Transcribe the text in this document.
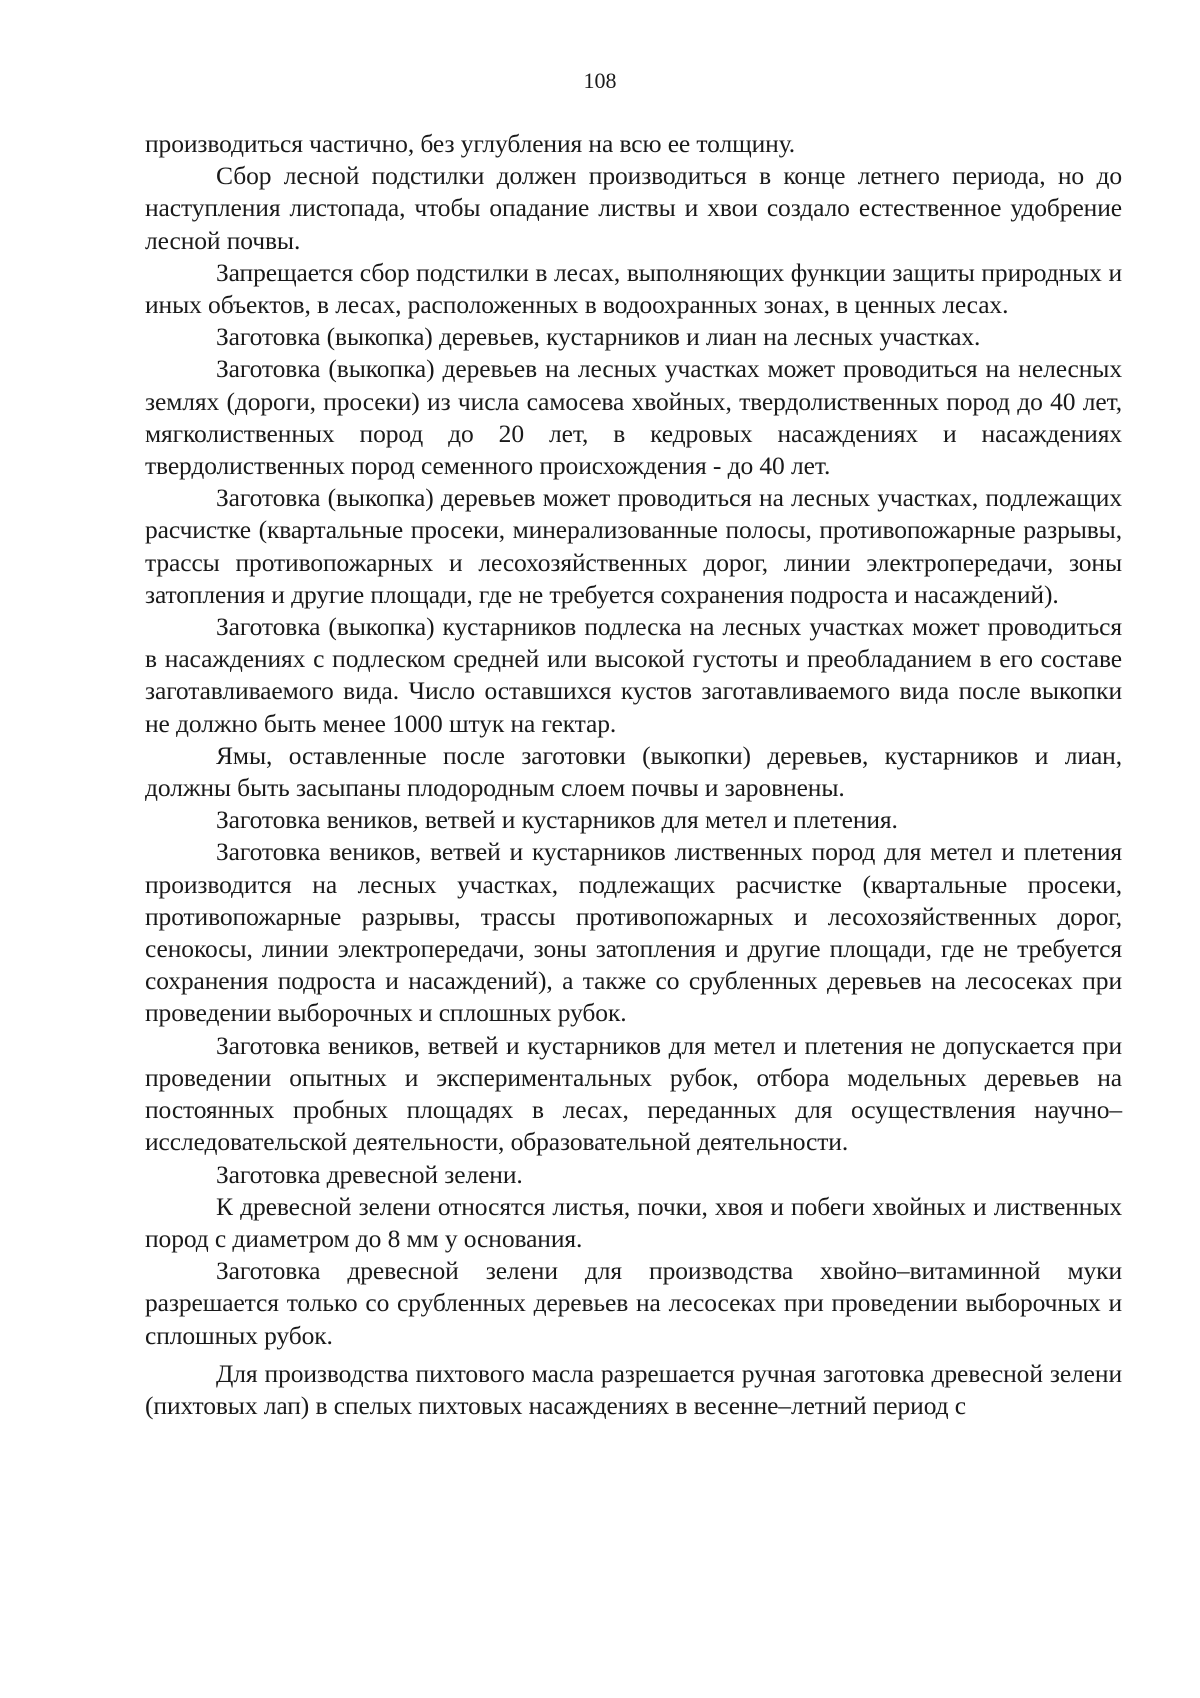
108

производиться частично, без углубления на всю ее толщину.

Сбор лесной подстилки должен производиться в конце летнего периода, но до наступления листопада, чтобы опадание листвы и хвои создало естественное удобрение лесной почвы.

Запрещается сбор подстилки в лесах, выполняющих функции защиты природных и иных объектов, в лесах, расположенных в водоохранных зонах, в ценных лесах.

Заготовка (выкопка) деревьев, кустарников и лиан на лесных участках.

Заготовка (выкопка) деревьев на лесных участках может проводиться на нелесных землях (дороги, просеки) из числа самосева хвойных, твердолиственных пород до 40 лет, мягколиственных пород до 20 лет, в кедровых насаждениях и насаждениях твердолиственных пород семенного происхождения - до 40 лет.

Заготовка (выкопка) деревьев может проводиться на лесных участках, подлежащих расчистке (квартальные просеки, минерализованные полосы, противопожарные разрывы, трассы противопожарных и лесохозяйственных дорог, линии электропередачи, зоны затопления и другие площади, где не требуется сохранения подроста и насаждений).

Заготовка (выкопка) кустарников подлеска на лесных участках может проводиться в насаждениях с подлеском средней или высокой густоты и преобладанием в его составе заготавливаемого вида. Число оставшихся кустов заготавливаемого вида после выкопки не должно быть менее 1000 штук на гектар.

Ямы, оставленные после заготовки (выкопки) деревьев, кустарников и лиан, должны быть засыпаны плодородным слоем почвы и заровнены.

Заготовка веников, ветвей и кустарников для метел и плетения.

Заготовка веников, ветвей и кустарников лиственных пород для метел и плетения производится на лесных участках, подлежащих расчистке (квартальные просеки, противопожарные разрывы, трассы противопожарных и лесохозяйственных дорог, сенокосы, линии электропередачи, зоны затопления и другие площади, где не требуется сохранения подроста и насаждений), а также со срубленных деревьев на лесосеках при проведении выборочных и сплошных рубок.

Заготовка веников, ветвей и кустарников для метел и плетения не допускается при проведении опытных и экспериментальных рубок, отбора модельных деревьев на постоянных пробных площадях в лесах, переданных для осуществления научно–исследовательской деятельности, образовательной деятельности.

Заготовка древесной зелени.

К древесной зелени относятся листья, почки, хвоя и побеги хвойных и лиственных пород с диаметром до 8 мм у основания.

Заготовка древесной зелени для производства хвойно–витаминной муки разрешается только со срубленных деревьев на лесосеках при проведении выборочных и сплошных рубок.

Для производства пихтового масла разрешается ручная заготовка древесной зелени (пихтовых лап) в спелых пихтовых насаждениях в весенне–летний период с
